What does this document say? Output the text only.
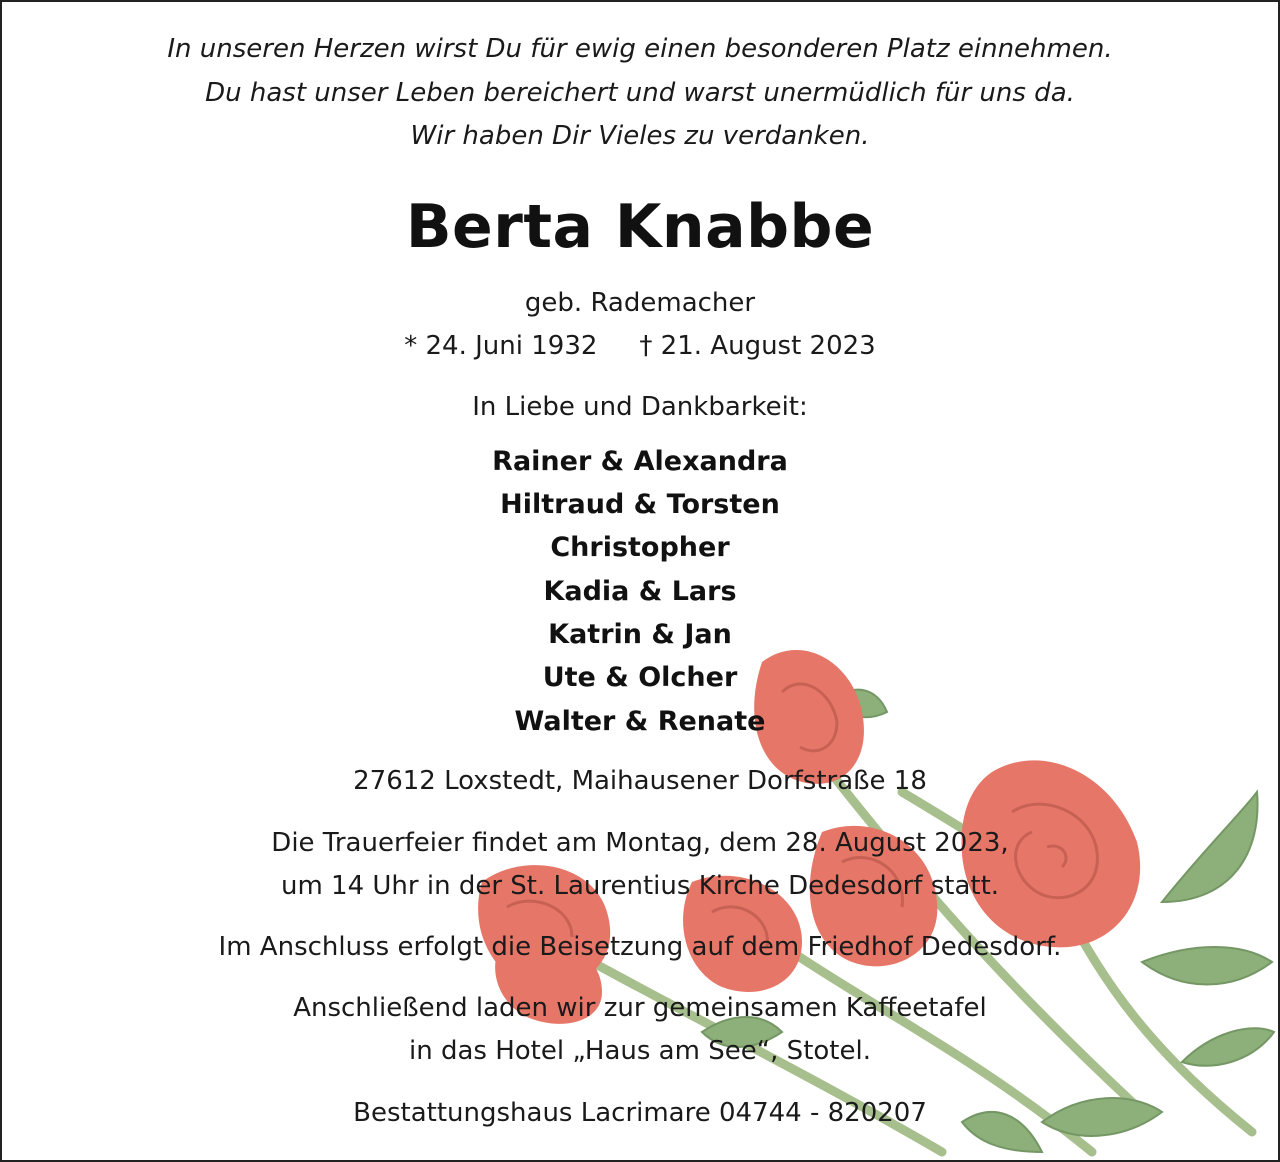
In unseren Herzen wirst Du für ewig einen besonderen Platz einnehmen.
Du hast unser Leben bereichert und warst unermüdlich für uns da.
Wir haben Dir Vieles zu verdanken.
Berta Knabbe
geb. Rademacher
* 24. Juni 1932 † 21. August 2023
In Liebe und Dankbarkeit:
Rainer & Alexandra
Hiltraud & Torsten
Christopher
Kadia & Lars
Katrin & Jan
Ute & Olcher
Walter & Renate
27612 Loxstedt, Maihausener Dorfstraße 18
Die Trauerfeier findet am Montag, dem 28. August 2023,
um 14 Uhr in der St. Laurentius Kirche Dedesdorf statt.
Im Anschluss erfolgt die Beisetzung auf dem Friedhof Dedesdorf.
Anschließend laden wir zur gemeinsamen Kaffeetafel
in das Hotel „Haus am See“, Stotel.
Bestattungshaus Lacrimare 04744 - 820207
